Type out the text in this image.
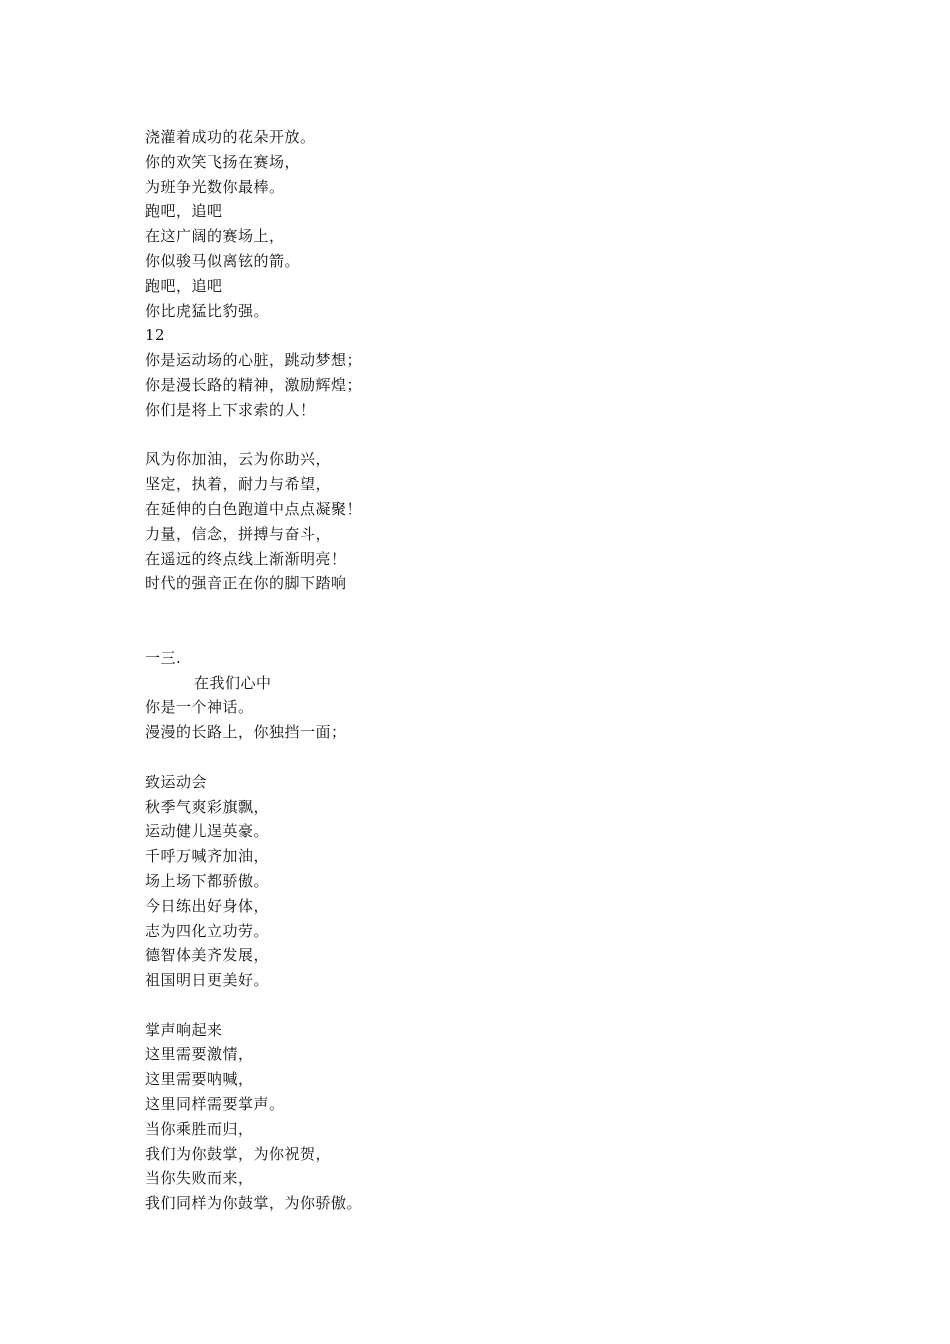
浇灌着成功的花朵开放。
你的欢笑飞扬在赛场，
为班争光数你最棒。
跑吧，追吧
在这广阔的赛场上，
你似骏马似离铉的箭。
跑吧，追吧
你比虎猛比豹强。
12
你是运动场的心脏，跳动梦想；
你是漫长路的精神，激励辉煌；
你们是将上下求索的人！
风为你加油，云为你助兴，
坚定，执着，耐力与希望，
在延伸的白色跑道中点点凝聚！
力量，信念，拼搏与奋斗，
在遥远的终点线上渐渐明亮！
时代的强音正在你的脚下踏响
一三.
在我们心中
你是一个神话。
漫漫的长路上，你独挡一面；
致运动会
秋季气爽彩旗飘，
运动健儿逞英豪。
千呼万喊齐加油，
场上场下都骄傲。
今日练出好身体，
志为四化立功劳。
德智体美齐发展，
祖国明日更美好。
掌声响起来
这里需要激情，
这里需要呐喊，
这里同样需要掌声。
当你乘胜而归，
我们为你鼓掌，为你祝贺，
当你失败而来，
我们同样为你鼓掌，为你骄傲。
